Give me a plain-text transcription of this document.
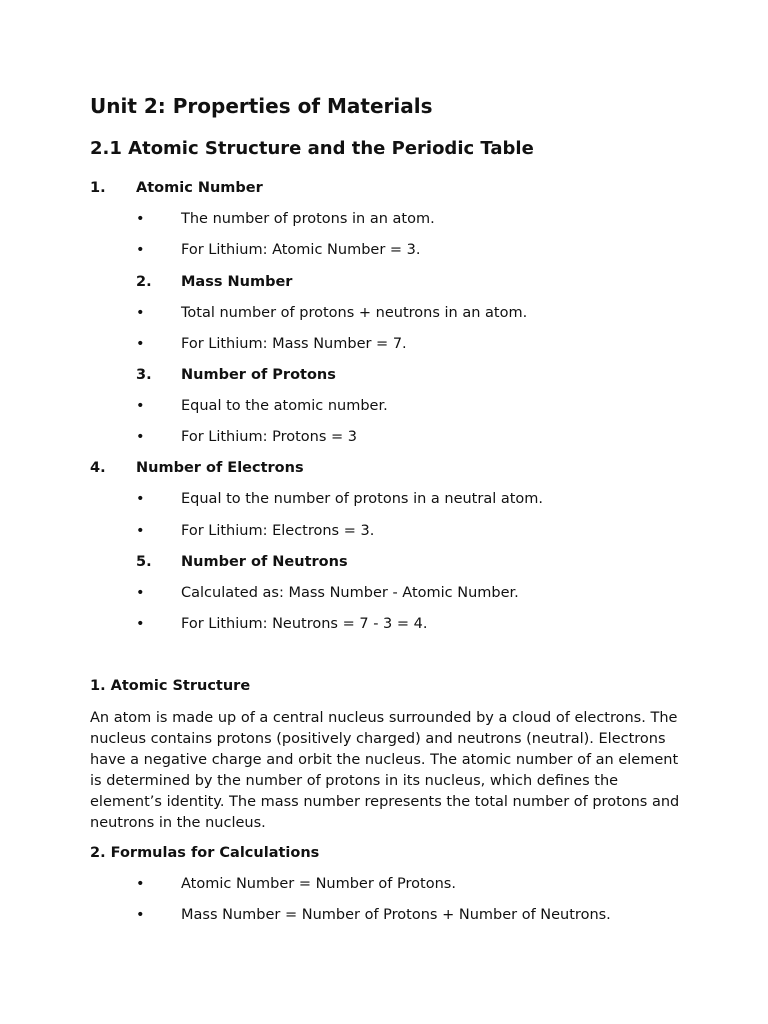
Unit 2: Properties of Materials
2.1 Atomic Structure and the Periodic Table
1. Atomic Number
•	The number of protons in an atom.
•	For Lithium: Atomic Number = 3.
2. Mass Number
•	Total number of protons + neutrons in an atom.
•	For Lithium: Mass Number = 7.
3. Number of Protons
•	Equal to the atomic number.
•	For Lithium: Protons = 3
4. Number of Electrons
•	Equal to the number of protons in a neutral atom.
•	For Lithium: Electrons = 3.
5. Number of Neutrons
•	Calculated as: Mass Number - Atomic Number.
•	For Lithium: Neutrons = 7 - 3 = 4.
1. Atomic Structure

An atom is made up of a central nucleus surrounded by a cloud of electrons. The nucleus contains protons (positively charged) and neutrons (neutral). Electrons have a negative charge and orbit the nucleus. The atomic number of an element is determined by the number of protons in its nucleus, which defines the element’s identity. The mass number represents the total number of protons and neutrons in the nucleus.

2. Formulas for Calculations
•	Atomic Number = Number of Protons.
•	Mass Number = Number of Protons + Number of Neutrons.
